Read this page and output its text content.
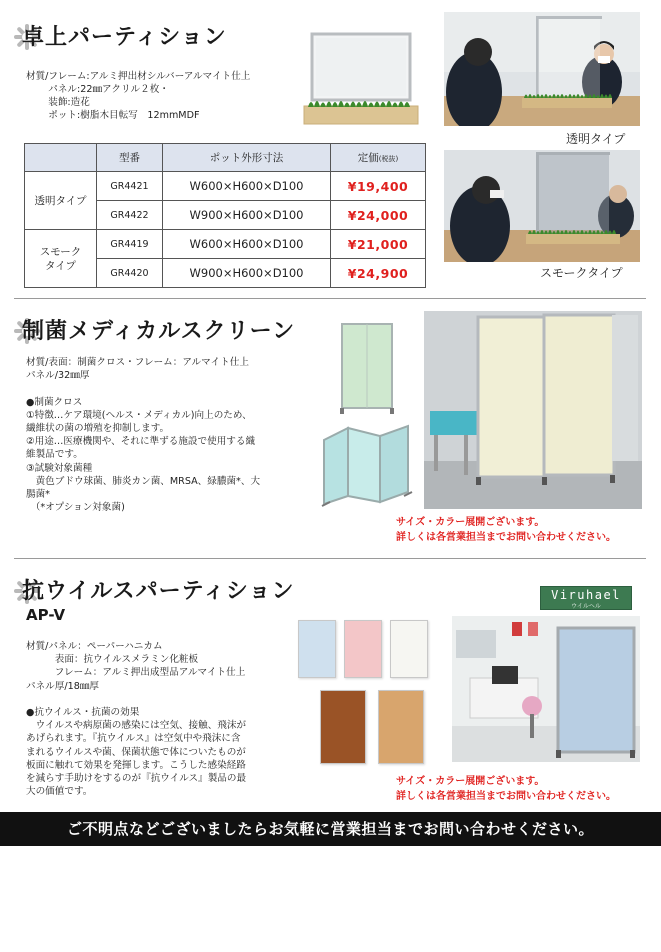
卓上パーティション
材質/フレーム:アルミ押出材シルバーアルマイト仕上
　　 パネル:22㎜アクリル２枚・
　　 装飾:造花
　　 ポット:樹脂木目転写　12mmMDF
	型番	ポット外形寸法	定価(税抜)
透明タイプ	GR4421	W600×H600×D100	¥19,400
	GR4422	W900×H600×D100	¥24,000
スモーク
タイプ	GR4419	W600×H600×D100	¥21,000
	GR4420	W900×H600×D100	¥24,900
透明タイプ
スモークタイプ
制菌メディカルスクリーン
材質/表面：制菌クロス・フレーム：アルマイト仕上
パネル/32㎜厚

●制菌クロス
①特徴…ケア環境(ヘルス・メディカル)向上のため、
繊維状の菌の増殖を抑制します。
②用途…医療機関や、それに準ずる施設で使用する織
維製品です。
③試験対象菌種
　黄色ブドウ球菌、肺炎カン菌、MRSA、緑膿菌*、大
腸菌*
　（*オプション対象菌)
サイズ・カラー展開ございます。
詳しくは各営業担当までお問い合わせください。
抗ウイルスパーティション
AP-V
Viruhael
ウイルヘル
材質/パネル：ペーパーハニカム
　　　表面：抗ウイルスメラミン化粧板
　　　フレーム：アルミ押出成型品アルマイト仕上
パネル厚/18㎜厚

●抗ウイルス・抗菌の効果
　ウイルスや病原菌の感染には空気、接触、飛沫が
あげられます。『抗ウイルス』は空気中や飛沫に含
まれるウイルスや菌、保菌状態で体についたものが
板面に触れて効果を発揮します。こうした感染経路
を減らす手助けをするのが『抗ウイルス』製品の最
大の価値です。
サイズ・カラー展開ございます。
詳しくは各営業担当までお問い合わせください。
ご不明点などございましたらお気軽に営業担当までお問い合わせください。
